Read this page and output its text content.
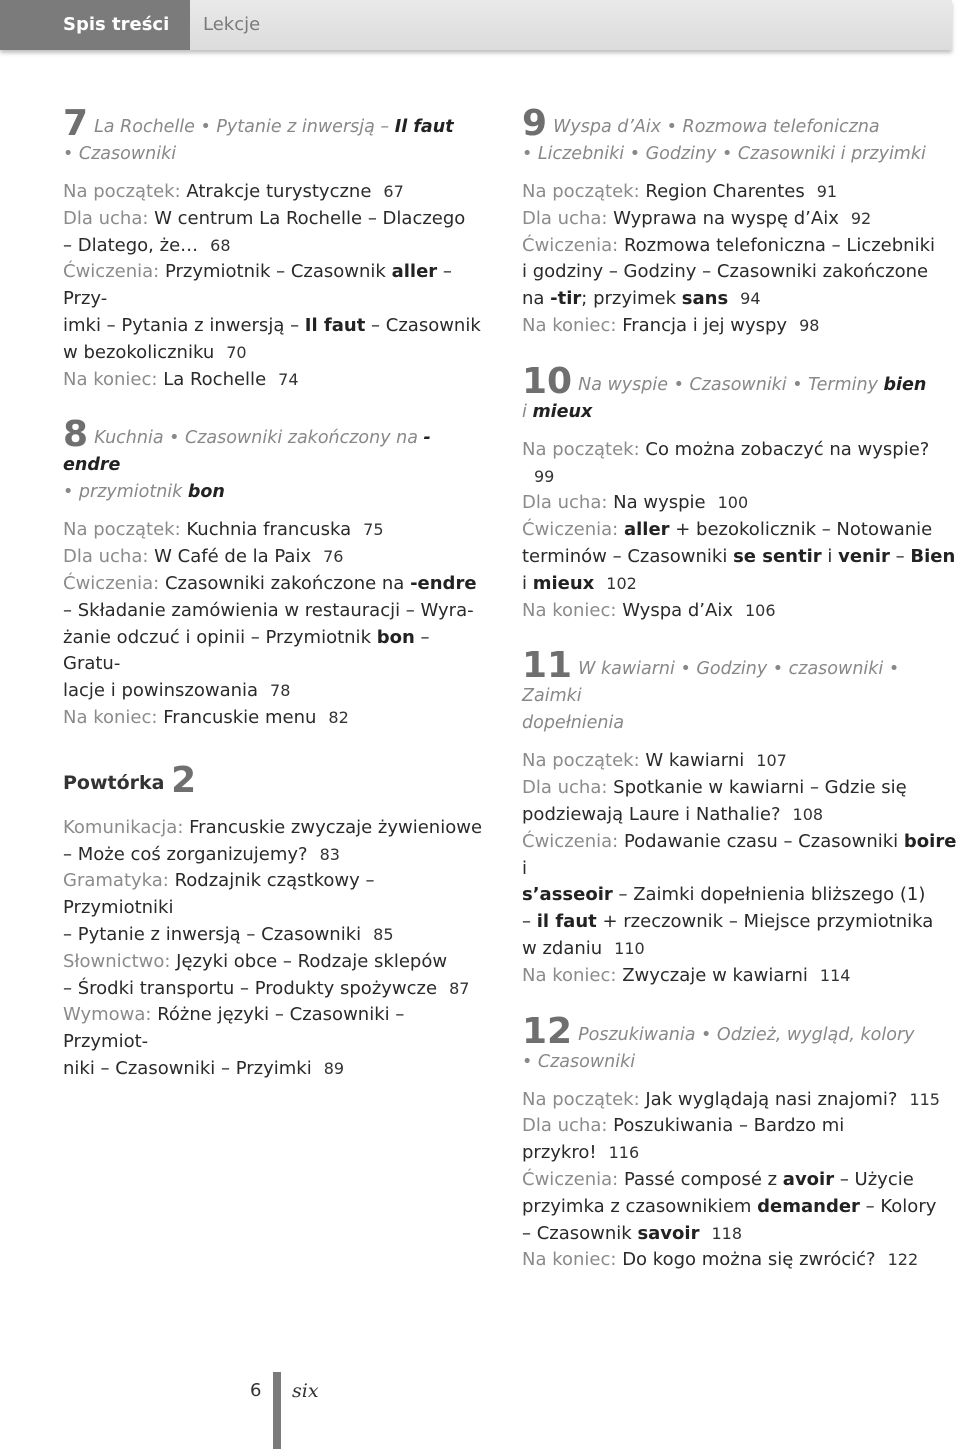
Spis treści	Lekcje
7 La Rochelle • Pytanie z inwersją – Il faut
• Czasowniki
Na początek: Atrakcje turystyczne 67
Dla ucha: W centrum La Rochelle – Dlaczego
– Dlatego, że… 68
Ćwiczenia: Przymiotnik – Czasownik aller – Przy-
imki – Pytania z inwersją – Il faut – Czasownik
w bezokoliczniku 70
Na koniec: La Rochelle 74
8 Kuchnia • Czasowniki zakończony na -endre
• przymiotnik bon
Na początek: Kuchnia francuska 75
Dla ucha: W Café de la Paix 76
Ćwiczenia: Czasowniki zakończone na -endre
– Składanie zamówienia w restauracji – Wyra-
żanie odczuć i opinii – Przymiotnik bon – Gratu-
lacje i powinszowania 78
Na koniec: Francuskie menu 82
Powtórka 2
Komunikacja: Francuskie zwyczaje żywieniowe
– Może coś zorganizujemy? 83
Gramatyka: Rodzajnik cząstkowy – Przymiotniki
– Pytanie z inwersją – Czasowniki 85
Słownictwo: Języki obce – Rodzaje sklepów
– Środki transportu – Produkty spożywcze 87
Wymowa: Różne języki – Czasowniki – Przymiot-
niki – Czasowniki – Przyimki 89
9 Wyspa d’Aix • Rozmowa telefoniczna
• Liczebniki • Godziny • Czasowniki i przyimki
Na początek: Region Charentes 91
Dla ucha: Wyprawa na wyspę d’Aix 92
Ćwiczenia: Rozmowa telefoniczna – Liczebniki
i godziny – Godziny – Czasowniki zakończone
na -tir; przyimek sans 94
Na koniec: Francja i jej wyspy 98
10 Na wyspie • Czasowniki • Terminy bien
i mieux
Na początek: Co można zobaczyć na wyspie?99
Dla ucha: Na wyspie 100
Ćwiczenia: aller + bezokolicznik – Notowanie
terminów – Czasowniki se sentir i venir – Bien
i mieux 102
Na koniec: Wyspa d’Aix 106
11 W kawiarni • Godziny • czasowniki • Zaimki
dopełnienia
Na początek: W kawiarni 107
Dla ucha: Spotkanie w kawiarni – Gdzie się
podziewają Laure i Nathalie? 108
Ćwiczenia: Podawanie czasu – Czasowniki boire i
s’asseoir – Zaimki dopełnienia bliższego (1)
– il faut + rzeczownik – Miejsce przymiotnika
w zdaniu 110
Na koniec: Zwyczaje w kawiarni 114
12 Poszukiwania • Odzież, wygląd, kolory
• Czasowniki
Na początek: Jak wyglądają nasi znajomi? 115
Dla ucha: Poszukiwania – Bardzo mi przykro! 116
Ćwiczenia: Passé composé z avoir – Użycie
przyimka z czasownikiem demander – Kolory
– Czasownik savoir 118
Na koniec: Do kogo można się zwrócić? 122
6 six
